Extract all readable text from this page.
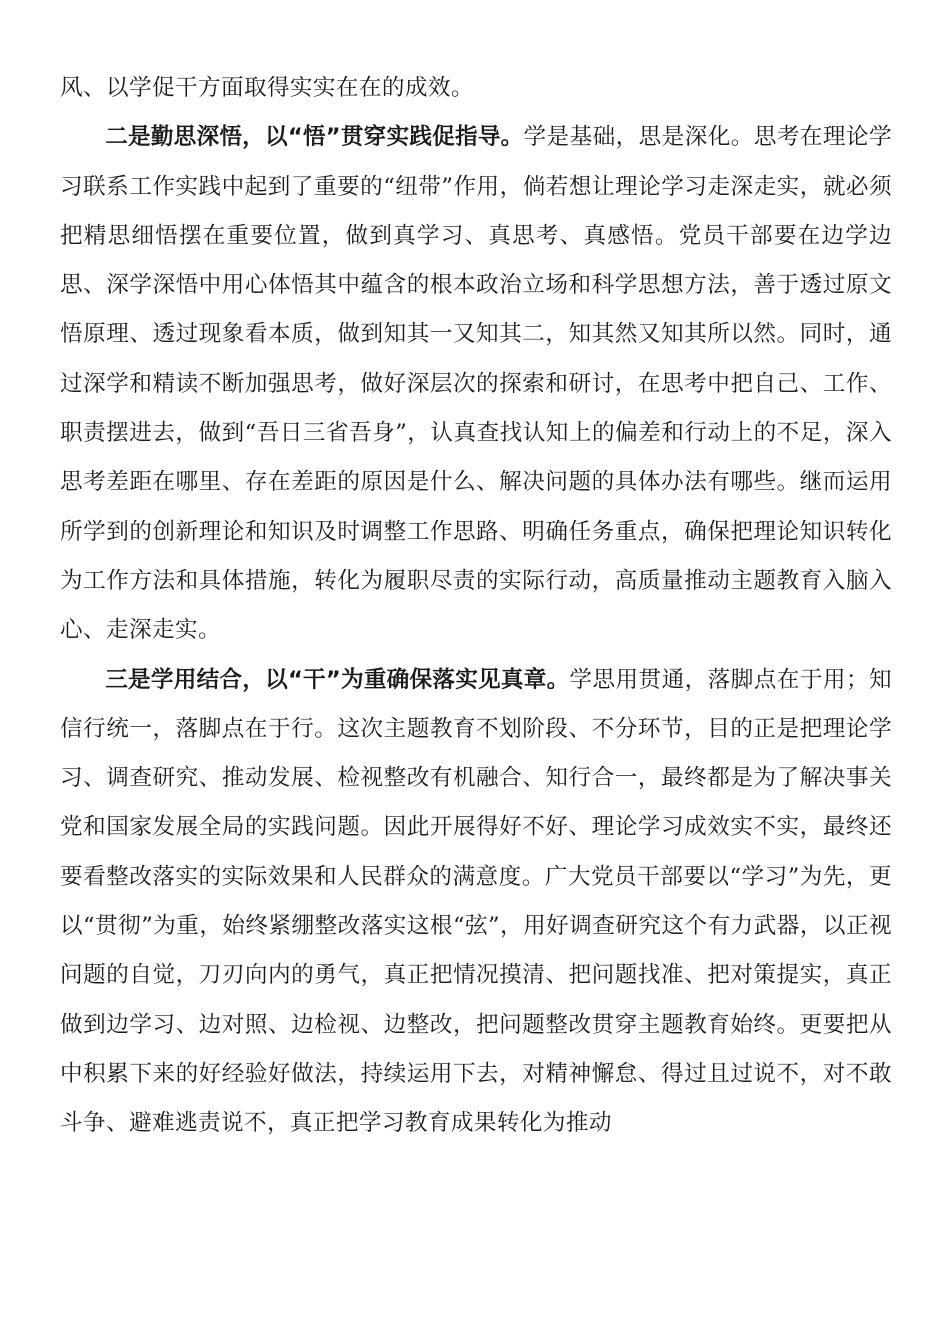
风、以学促干方面取得实实在在的成效。

二是勤思深悟，以“悟”贯穿实践促指导。学是基础，思是深化。思考在理论学习联系工作实践中起到了重要的“纽带”作用，倘若想让理论学习走深走实，就必须把精思细悟摆在重要位置，做到真学习、真思考、真感悟。党员干部要在边学边思、深学深悟中用心体悟其中蕴含的根本政治立场和科学思想方法，善于透过原文悟原理、透过现象看本质，做到知其一又知其二，知其然又知其所以然。同时，通过深学和精读不断加强思考，做好深层次的探索和研讨，在思考中把自己、工作、职责摆进去，做到“吾日三省吾身”，认真查找认知上的偏差和行动上的不足，深入思考差距在哪里、存在差距的原因是什么、解决问题的具体办法有哪些。继而运用所学到的创新理论和知识及时调整工作思路、明确任务重点，确保把理论知识转化为工作方法和具体措施，转化为履职尽责的实际行动，高质量推动主题教育入脑入心、走深走实。

三是学用结合，以“干”为重确保落实见真章。学思用贯通，落脚点在于用；知信行统一，落脚点在于行。这次主题教育不划阶段、不分环节，目的正是把理论学习、调查研究、推动发展、检视整改有机融合、知行合一，最终都是为了解决事关党和国家发展全局的实践问题。因此开展得好不好、理论学习成效实不实，最终还要看整改落实的实际效果和人民群众的满意度。广大党员干部要以“学习”为先，更以“贯彻”为重，始终紧绷整改落实这根“弦”，用好调查研究这个有力武器，以正视问题的自觉，刀刃向内的勇气，真正把情况摸清、把问题找准、把对策提实，真正做到边学习、边对照、边检视、边整改，把问题整改贯穿主题教育始终。更要把从中积累下来的好经验好做法，持续运用下去，对精神懈怠、得过且过说不，对不敢斗争、避难逃责说不，真正把学习教育成果转化为推动
